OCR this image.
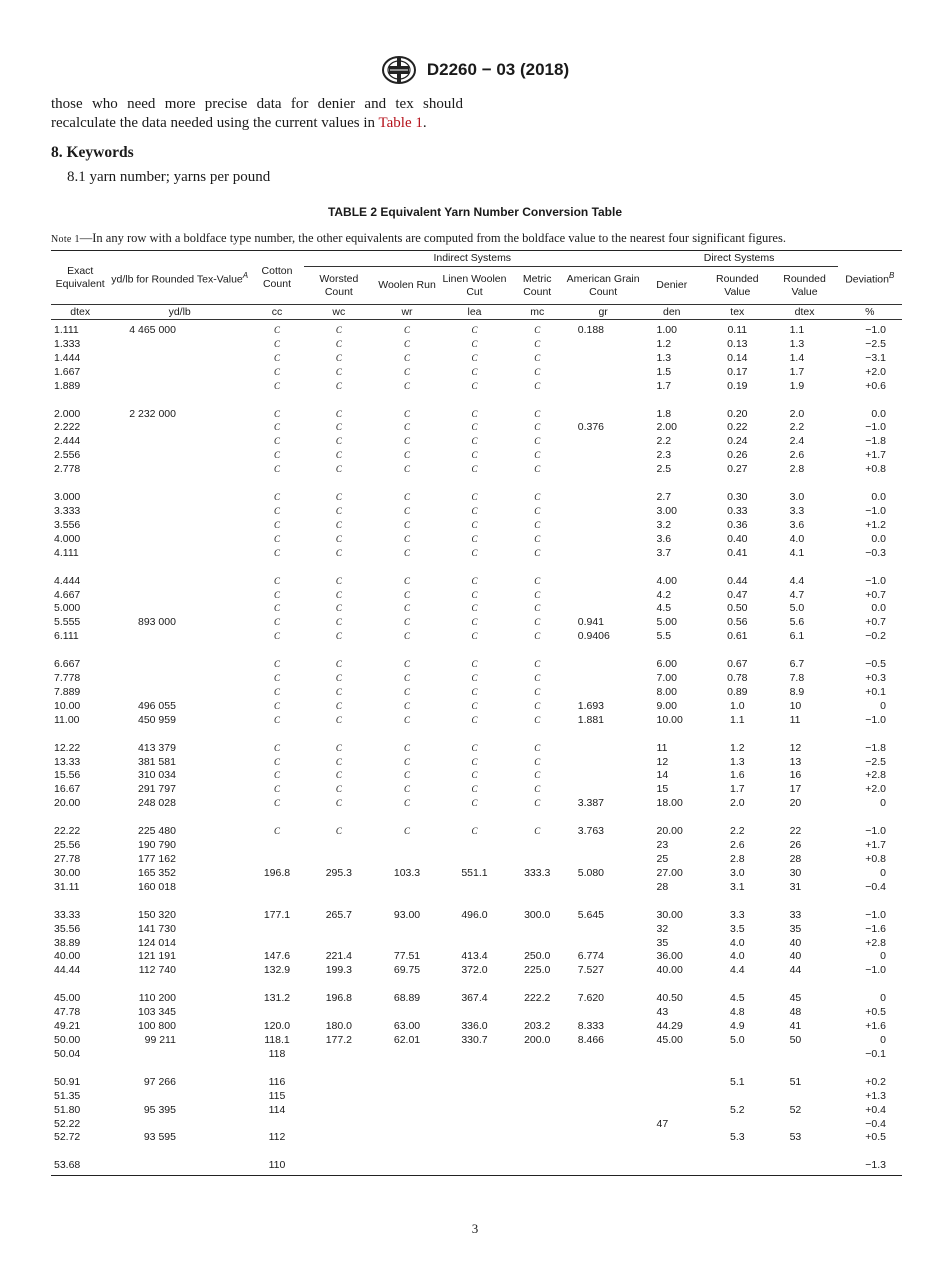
D2260 − 03 (2018)
those who need more precise data for denier and tex should recalculate the data needed using the current values in Table 1.
8. Keywords
8.1 yarn number; yarns per pound
TABLE 2 Equivalent Yarn Number Conversion Table
Note 1—In any row with a boldface type number, the other equivalents are computed from the boldface value to the nearest four significant figures.
Exact Equivalent	yd/lb for Rounded Tex-Value$^A$	Cotton Count	Indirect Systems					Direct Systems			Deviation$^B$
			Worsted Count	Woolen Run	Linen Woolen Cut	Metric Count	American Grain Count	Denier	Rounded Value	Rounded Value	
dtex	yd/lb	cc	wc	wr	lea	mc	gr	den	tex	dtex	%
1.111	4 465 000	C	C	C	C	C	0.188	1.00	0.11	1.1	−1.0
1.333		C	C	C	C	C		1.2	0.13	1.3	−2.5
1.444		C	C	C	C	C		1.3	0.14	1.4	−3.1
1.667		C	C	C	C	C		1.5	0.17	1.7	+2.0
1.889		C	C	C	C	C		1.7	0.19	1.9	+0.6
2.000	2 232 000	C	C	C	C	C		1.8	0.20	2.0	0.0
2.222		C	C	C	C	C	0.376	2.00	0.22	2.2	−1.0
2.444		C	C	C	C	C		2.2	0.24	2.4	−1.8
2.556		C	C	C	C	C		2.3	0.26	2.6	+1.7
2.778		C	C	C	C	C		2.5	0.27	2.8	+0.8
3.000		C	C	C	C	C		2.7	0.30	3.0	0.0
3.333		C	C	C	C	C		3.00	0.33	3.3	−1.0
3.556		C	C	C	C	C		3.2	0.36	3.6	+1.2
4.000		C	C	C	C	C		3.6	0.40	4.0	0.0
4.111		C	C	C	C	C		3.7	0.41	4.1	−0.3
4.444		C	C	C	C	C		4.00	0.44	4.4	−1.0
4.667		C	C	C	C	C		4.2	0.47	4.7	+0.7
5.000		C	C	C	C	C		4.5	0.50	5.0	0.0
5.555	893 000	C	C	C	C	C	0.941	5.00	0.56	5.6	+0.7
6.111		C	C	C	C	C	0.9406	5.5	0.61	6.1	−0.2
6.667		C	C	C	C	C		6.00	0.67	6.7	−0.5
7.778		C	C	C	C	C		7.00	0.78	7.8	+0.3
7.889		C	C	C	C	C		8.00	0.89	8.9	+0.1
10.00	496 055	C	C	C	C	C	1.693	9.00	1.0	10	0
11.00	450 959	C	C	C	C	C	1.881	10.00	1.1	11	−1.0
12.22	413 379	C	C	C	C	C		11	1.2	12	−1.8
13.33	381 581	C	C	C	C	C		12	1.3	13	−2.5
15.56	310 034	C	C	C	C	C		14	1.6	16	+2.8
16.67	291 797	C	C	C	C	C		15	1.7	17	+2.0
20.00	248 028	C	C	C	C	C	3.387	18.00	2.0	20	0
22.22	225 480	C	C	C	C	C	3.763	20.00	2.2	22	−1.0
25.56	190 790							23	2.6	26	+1.7
27.78	177 162							25	2.8	28	+0.8
30.00	165 352	196.8	295.3	103.3	551.1	333.3	5.080	27.00	3.0	30	0
31.11	160 018							28	3.1	31	−0.4
33.33	150 320	177.1	265.7	93.00	496.0	300.0	5.645	30.00	3.3	33	−1.0
35.56	141 730							32	3.5	35	−1.6
38.89	124 014							35	4.0	40	+2.8
40.00	121 191	147.6	221.4	77.51	413.4	250.0	6.774	36.00	4.0	40	0
44.44	112 740	132.9	199.3	69.75	372.0	225.0	7.527	40.00	4.4	44	−1.0
45.00	110 200	131.2	196.8	68.89	367.4	222.2	7.620	40.50	4.5	45	0
47.78	103 345							43	4.8	48	+0.5
49.21	100 800	120.0	180.0	63.00	336.0	203.2	8.333	44.29	4.9	41	+1.6
50.00	99 211	118.1	177.2	62.01	330.7	200.0	8.466	45.00	5.0	50	0
50.04		118									−0.1
50.91	97 266	116							5.1	51	+0.2
51.35		115									+1.3
51.80	95 395	114							5.2	52	+0.4
52.22								47			−0.4
52.72	93 595	112							5.3	53	+0.5
53.68		110									−1.3
3
